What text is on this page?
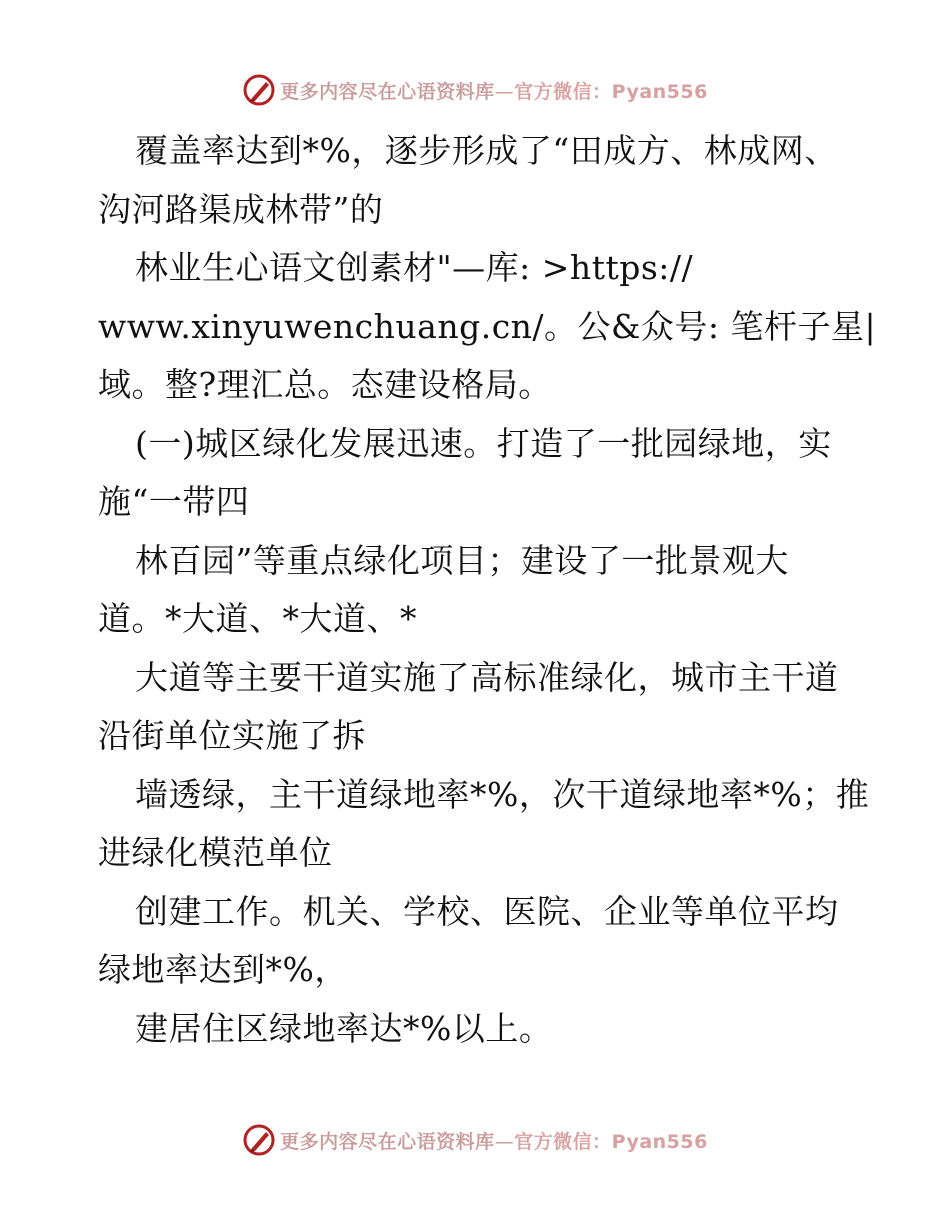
更多内容尽在心语资料库—官方微信：Pyan556
覆盖率达到*%，逐步形成了“田成方、林成网、
沟河路渠成林带”的
林业生心语文创素材"—库: >https://
www.xinyuwenchuang.cn/。公&众号: 笔杆子星|
域。整?理汇总。态建设格局。
(一)城区绿化发展迅速。打造了一批园绿地，实
施“一带四
林百园”等重点绿化项目；建设了一批景观大
道。*大道、*大道、*
大道等主要干道实施了高标准绿化，城市主干道
沿街单位实施了拆
墙透绿，主干道绿地率*%，次干道绿地率*%；推
进绿化模范单位
创建工作。机关、学校、医院、企业等单位平均
绿地率达到*%，
建居住区绿地率达*%以上。
更多内容尽在心语资料库—官方微信：Pyan556
